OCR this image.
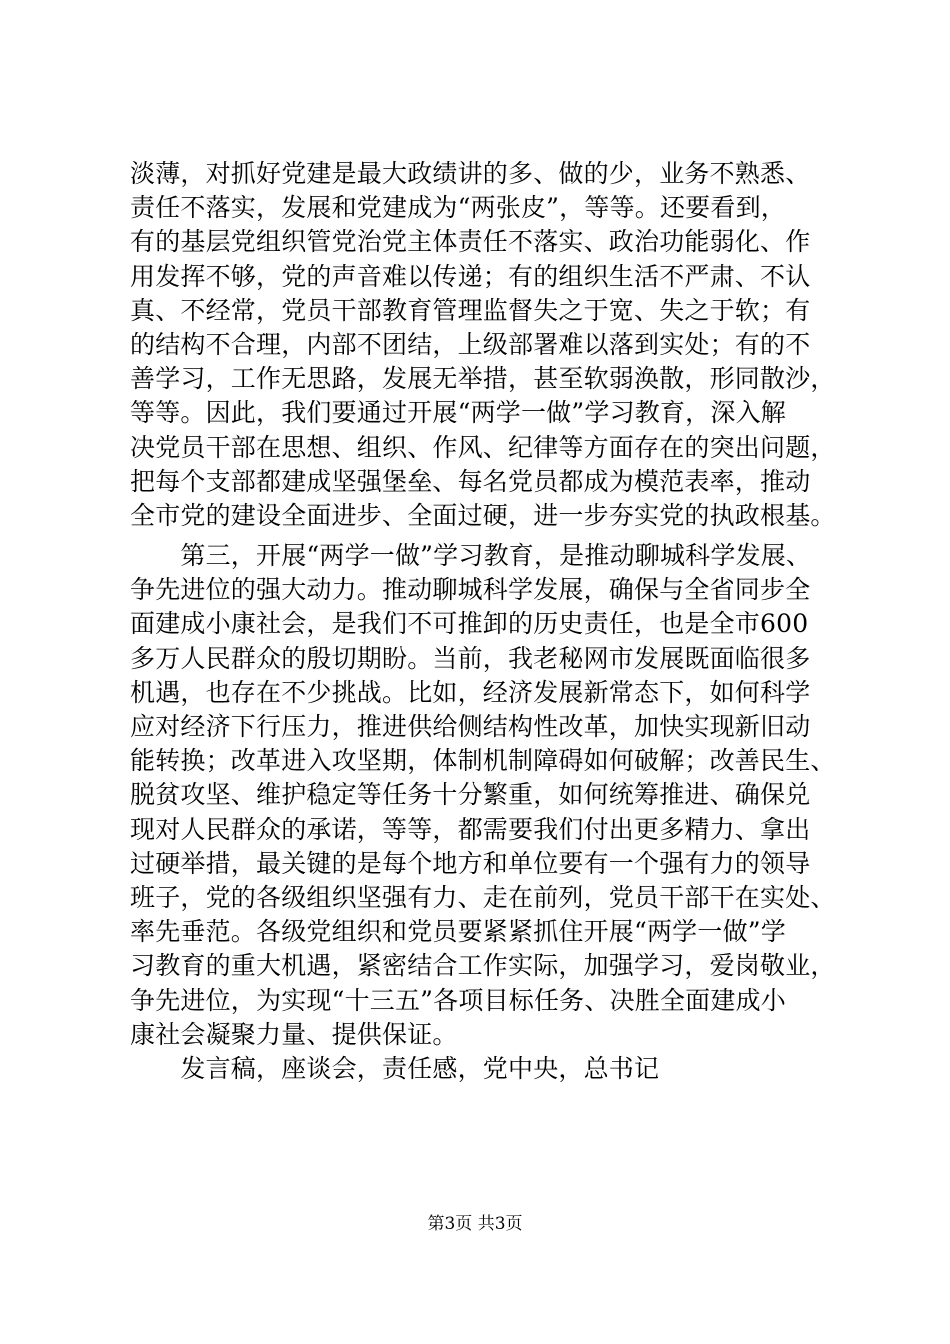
淡薄，对抓好党建是最大政绩讲的多、做的少，业务不熟悉、
责任不落实，发展和党建成为“两张皮”，等等。还要看到，
有的基层党组织管党治党主体责任不落实、政治功能弱化、作
用发挥不够，党的声音难以传递；有的组织生活不严肃、不认
真、不经常，党员干部教育管理监督失之于宽、失之于软；有
的结构不合理，内部不团结，上级部署难以落到实处；有的不
善学习，工作无思路，发展无举措，甚至软弱涣散，形同散沙，
等等。因此，我们要通过开展“两学一做”学习教育，深入解
决党员干部在思想、组织、作风、纪律等方面存在的突出问题，
把每个支部都建成坚强堡垒、每名党员都成为模范表率，推动
全市党的建设全面进步、全面过硬，进一步夯实党的执政根基。
　　第三，开展“两学一做”学习教育，是推动聊城科学发展、
争先进位的强大动力。推动聊城科学发展，确保与全省同步全
面建成小康社会，是我们不可推卸的历史责任，也是全市600
多万人民群众的殷切期盼。当前，我老秘网市发展既面临很多
机遇，也存在不少挑战。比如，经济发展新常态下，如何科学
应对经济下行压力，推进供给侧结构性改革，加快实现新旧动
能转换；改革进入攻坚期，体制机制障碍如何破解；改善民生、
脱贫攻坚、维护稳定等任务十分繁重，如何统筹推进、确保兑
现对人民群众的承诺，等等，都需要我们付出更多精力、拿出
过硬举措，最关键的是每个地方和单位要有一个强有力的领导
班子，党的各级组织坚强有力、走在前列，党员干部干在实处、
率先垂范。各级党组织和党员要紧紧抓住开展“两学一做”学
习教育的重大机遇，紧密结合工作实际，加强学习，爱岗敬业，
争先进位，为实现“十三五”各项目标任务、决胜全面建成小
康社会凝聚力量、提供保证。
　　发言稿，座谈会，责任感，党中央，总书记
第3页 共3页
